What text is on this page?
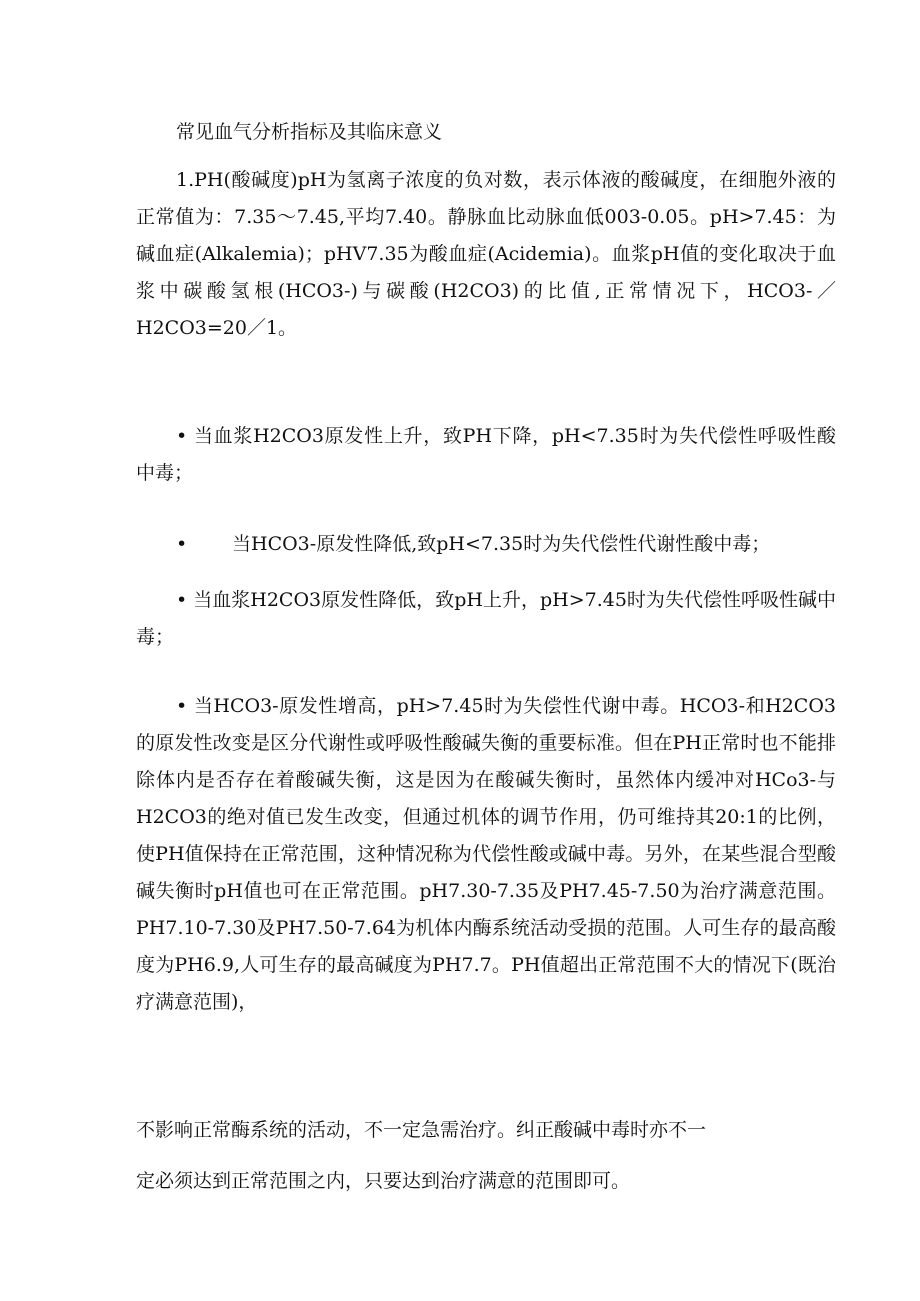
常见血气分析指标及其临床意义
1.PH(酸碱度)pH为氢离子浓度的负对数，表示体液的酸碱度，在细胞外液的正常值为：7.35～7.45,平均7.40。静脉血比动脉血低003-0.05。pH>7.45：为碱血症(Alkalemia)；pHV7.35为酸血症(Acidemia)。血浆pH值的变化取决于血浆中碳酸氢根(HCO3-)与碳酸(H2CO3)的比值,正常情况下，HCO3-／H2CO3=20／1。
• 当血浆H2CO3原发性上升，致PH下降，pH<7.35时为失代偿性呼吸性酸中毒；
• 当HCO3-原发性降低,致pH<7.35时为失代偿性代谢性酸中毒；
• 当血浆H2CO3原发性降低，致pH上升，pH>7.45时为失代偿性呼吸性碱中毒；
• 当HCO3-原发性增高，pH>7.45时为失偿性代谢中毒。HCO3-和H2CO3的原发性改变是区分代谢性或呼吸性酸碱失衡的重要标准。但在PH正常时也不能排除体内是否存在着酸碱失衡，这是因为在酸碱失衡时，虽然体内缓冲对HCo3-与H2CO3的绝对值已发生改变，但通过机体的调节作用，仍可维持其20:1的比例，使PH值保持在正常范围，这种情况称为代偿性酸或碱中毒。另外，在某些混合型酸碱失衡时pH值也可在正常范围。pH7.30-7.35及PH7.45-7.50为治疗满意范围。PH7.10-7.30及PH7.50-7.64为机体内酶系统活动受损的范围。人可生存的最高酸度为PH6.9,人可生存的最高碱度为PH7.7。PH值超出正常范围不大的情况下(既治疗满意范围)，
不影响正常酶系统的活动，不一定急需治疗。纠正酸碱中毒时亦不一
定必须达到正常范围之内，只要达到治疗满意的范围即可。
